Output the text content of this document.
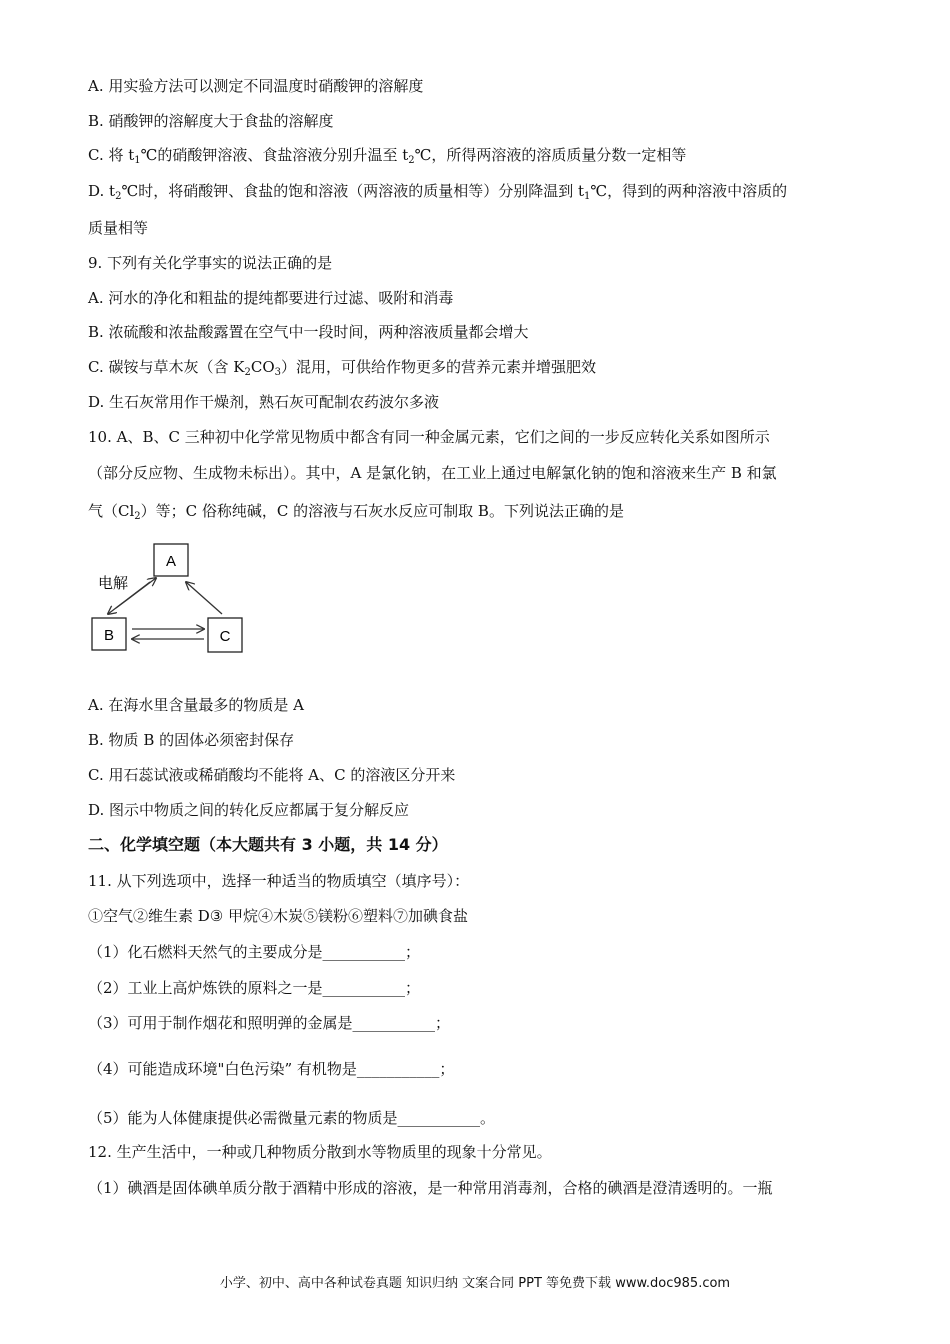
A. 用实验方法可以测定不同温度时硝酸钾的溶解度
B. 硝酸钾的溶解度大于食盐的溶解度
C. 将 $t_1℃$的硝酸钾溶液、食盐溶液分别升温至 $t_2℃$，所得两溶液的溶质质量分数一定相等
D. $t_2℃$时，将硝酸钾、食盐的饱和溶液（两溶液的质量相等）分别降温到 $t_1℃$，得到的两种溶液中溶质的
质量相等
9. 下列有关化学事实的说法正确的是
A. 河水的净化和粗盐的提纯都要进行过滤、吸附和消毒
B. 浓硫酸和浓盐酸露置在空气中一段时间，两种溶液质量都会增大
C. 碳铵与草木灰（含 $K_2CO_3$）混用，可供给作物更多的营养元素并增强肥效
D. 生石灰常用作干燥剂，熟石灰可配制农药波尔多液
10. A、B、C 三种初中化学常见物质中都含有同一种金属元素，它们之间的一步反应转化关系如图所示
（部分反应物、生成物未标出）。其中，A 是氯化钠，在工业上通过电解氯化钠的饱和溶液来生产 B 和氯
气$(Cl_2)$等；C 俗称纯碱，C 的溶液与石灰水反应可制取 B。下列说法正确的是
A
B	C
电解
A. 在海水里含量最多的物质是 A
B. 物质 B 的固体必须密封保存
C. 用石蕊试液或稀硝酸均不能将 A、C 的溶液区分开来
D. 图示中物质之间的转化反应都属于复分解反应
二、化学填空题（本大题共有 3 小题，共 14 分）
11. 从下列选项中，选择一种适当的物质填空（填序号）：
①空气②维生素 D③ 甲烷④木炭⑤镁粉⑥塑料⑦加碘食盐
（1）化石燃料天然气的主要成分是___________；
（2）工业上高炉炼铁的原料之一是___________；
（3）可用于制作烟花和照明弹的金属是___________；
（4）可能造成环境"白色污染” 有机物是___________；
（5）能为人体健康提供必需微量元素的物质是___________。
12. 生产生活中，一种或几种物质分散到水等物质里的现象十分常见。
（1）碘酒是固体碘单质分散于酒精中形成的溶液，是一种常用消毒剂，合格的碘酒是澄清透明的。一瓶
小学、初中、高中各种试卷真题 知识归纳 文案合同 PPT 等免费下载 www.doc985.com
